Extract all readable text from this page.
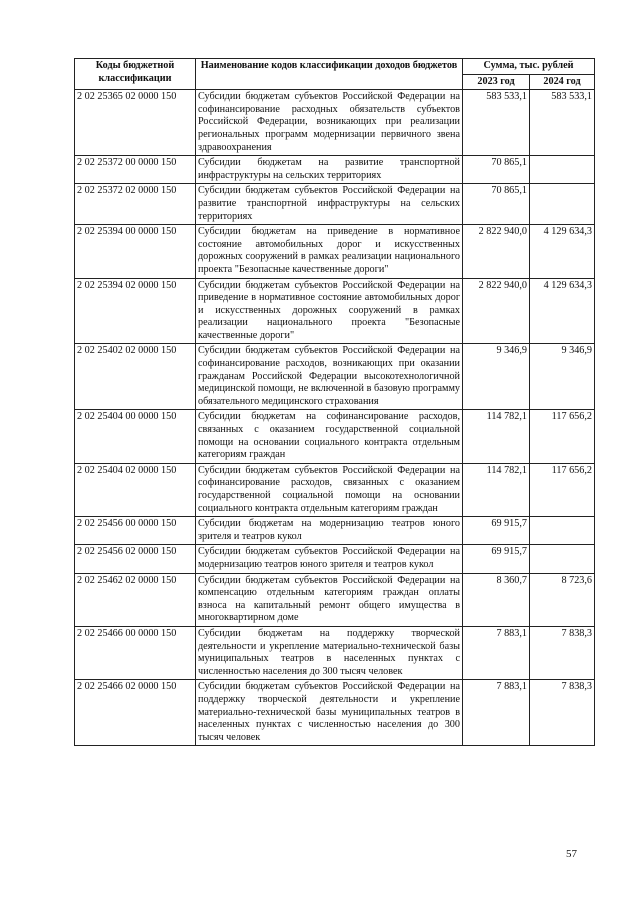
Коды бюджетной классификации	Наименование кодов классификации доходов бюджетов	Сумма, тыс. рублей	
		2023 год	2024 год
2 02 25365 02 0000 150	Субсидии бюджетам субъектов Российской Федерации на софинансирование расходных обязательств субъектов Российской Федерации, возникающих при реализации региональных программ модернизации первичного звена здравоохранения	583 533,1	583 533,1
2 02 25372 00 0000 150	Субсидии бюджетам на развитие транспортной инфраструктуры на сельских территориях	70 865,1	
2 02 25372 02 0000 150	Субсидии бюджетам субъектов Российской Федерации на развитие транспортной инфраструктуры на сельских территориях	70 865,1	
2 02 25394 00 0000 150	Субсидии бюджетам на приведение в нормативное состояние автомобильных дорог и искусственных дорожных сооружений в рамках реализации национального проекта "Безопасные качественные дороги"	2 822 940,0	4 129 634,3
2 02 25394 02 0000 150	Субсидии бюджетам субъектов Российской Федерации на приведение в нормативное состояние автомобильных дорог и искусственных дорожных сооружений в рамках реализации национального проекта "Безопасные качественные дороги"	2 822 940,0	4 129 634,3
2 02 25402 02 0000 150	Субсидии бюджетам субъектов Российской Федерации на софинансирование расходов, возникающих при оказании гражданам Российской Федерации высокотехнологичной медицинской помощи, не включенной в базовую программу обязательного медицинского страхования	9 346,9	9 346,9
2 02 25404 00 0000 150	Субсидии бюджетам на софинансирование расходов, связанных с оказанием государственной социальной помощи на основании социального контракта отдельным категориям граждан	114 782,1	117 656,2
2 02 25404 02 0000 150	Субсидии бюджетам субъектов Российской Федерации на софинансирование расходов, связанных с оказанием государственной социальной помощи на основании социального контракта отдельным категориям граждан	114 782,1	117 656,2
2 02 25456 00 0000 150	Субсидии бюджетам на модернизацию театров юного зрителя и театров кукол	69 915,7	
2 02 25456 02 0000 150	Субсидии бюджетам субъектов Российской Федерации на модернизацию театров юного зрителя и театров кукол	69 915,7	
2 02 25462 02 0000 150	Субсидии бюджетам субъектов Российской Федерации на компенсацию отдельным категориям граждан оплаты взноса на капитальный ремонт общего имущества в многоквартирном доме	8 360,7	8 723,6
2 02 25466 00 0000 150	Субсидии бюджетам на поддержку творческой деятельности и укрепление материально-технической базы муниципальных театров в населенных пунктах с численностью населения до 300 тысяч человек	7 883,1	7 838,3
2 02 25466 02 0000 150	Субсидии бюджетам субъектов Российской Федерации на поддержку творческой деятельности и укрепление материально-технической базы муниципальных театров в населенных пунктах с численностью населения до 300 тысяч человек	7 883,1	7 838,3
57
